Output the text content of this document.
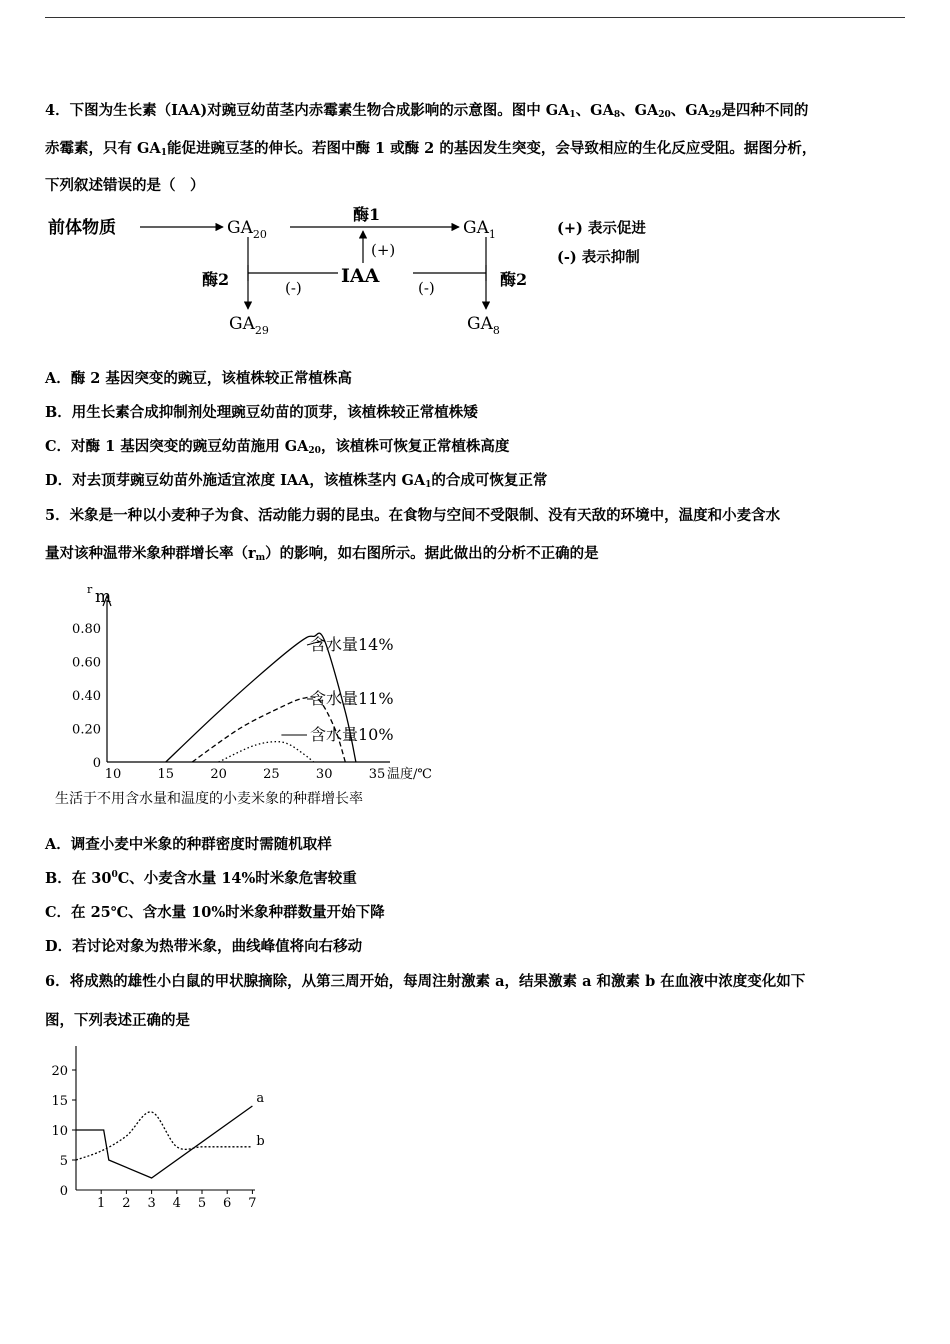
4．下图为生长素（IAA)对豌豆幼苗茎内赤霉素生物合成影响的示意图。图中 $GA_1$、$GA_8$、$GA_{20}$、$GA_{29}$是四种不同的
赤霉素，只有 $GA_1$能促进豌豆茎的伸长。若图中酶 1 或酶 2 的基因发生突变，会导致相应的生化反应受阻。据图分析，
下列叙述错误的是（　）
前体物质	$GA_{20}$
酶1
$GA_1$
(+)
IAA
(-)	(-)
酶2	酶2
$GA_{29}$	$GA_8$
(+) 表示促进
(-) 表示抑制
A．酶 2 基因突变的豌豆，该植株较正常植株高
B．用生长素合成抑制剂处理豌豆幼苗的顶芽，该植株较正常植株矮
C．对酶 1 基因突变的豌豆幼苗施用 $GA_{20}$，该植株可恢复正常植株高度
D．对去顶芽豌豆幼苗外施适宜浓度 IAA，该植株茎内 $GA_1$的合成可恢复正常
5．米象是一种以小麦种子为食、活动能力弱的昆虫。在食物与空间不受限制、没有天敌的环境中，温度和小麦含水
量对该种温带米象种群增长率$(r_m)$的影响，如右图所示。据此做出的分析不正确的是
r m
0
0.20
0.40
0.60
0.80
10	15	20	25	30	35 温度/℃
含水量14%
含水量11%
含水量10%
生活于不用含水量和温度的小麦米象的种群增长率
A．调查小麦中米象的种群密度时需随机取样
B．在 $30^0C$、小麦含水量 14%时米象危害较重
C．在 25℃、含水量 10%时米象种群数量开始下降
D．若讨论对象为热带米象，曲线峰值将向右移动
6．将成熟的雄性小白鼠的甲状腺摘除，从第三周开始，每周注射激素 a，结果激素 a 和激素 b 在血液中浓度变化如下
图，下列表述正确的是
0
5
10
15
20
1 2 3 4 5 6 7
a
b
